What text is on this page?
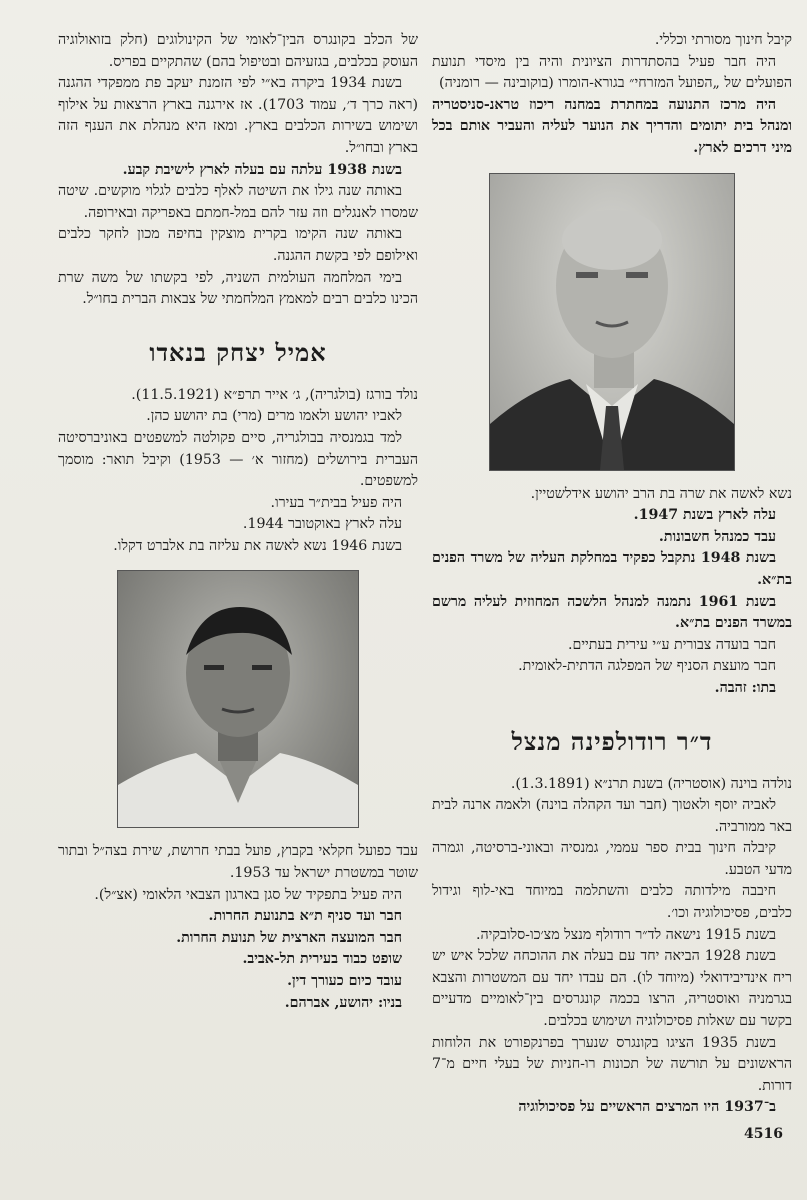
קיבל חינוך מסורתי וכללי.

היה חבר פעיל בהסתדרות הציונית והיה בין מיסדי תנועת הפועלים של „הפועל המזרחי״ בגורא-הומרו (בוקובינה — רומניה)

היה מרכז התנועה במחתרת במחנה ריכוז טראנ-סניסטריה ומנהל בית יתומים והדריך את הנוער לעליה והעביר אותם בכל מיני דרכים לארץ.

נשא לאשה את שרה בת הרב יהושע אידלשטיין.

עלה לארץ בשנת 1947.

עבד כמנהל חשבונות.

בשנת 1948 נתקבל כפקיד במחלקת העליה של משרד הפנים בת״א.

בשנת 1961 נתמנה למנהל הלשכה המחוזית לעליה מרשם במשרד הפנים בת״א.

חבר בועדה צבורית ע״י עירית בעתיים.

חבר מועצת הסניף של המפלגה הדתית-לאומית.

בתו: זהבה.

ד״ר רודולפינה מנצל

נולדה בוינה (אוסטריה) בשנת תרנ״א (1.3.1891).

לאביה יוסף ולאטוך (חבר ועד הקהלה בוינה) ולאמה ארנה לבית באר ממורביה.

קיבלה חינוך בבית ספר עממי, גמנסיה ובאוני-ברסיטה, וגמרה מדעי הטבע.

חיבבה מילדותה כלבים והשתלמה במיוחד באי-לוף וגידול כלבים, פסיכולוגיה וכו׳.

בשנת 1915 נישאה לד״ר רודולף מנצל מצ׳כו-סלובקיה.

בשנת 1928 הביאה יחד עם בעלה את ההוכחה שלכל איש יש ריח אינדיבידואלי (מיוחד לו). הם עבדו יחד עם המשטרות והצבא בגרמניה ואוסטריה, הרצו בכמה קונגרסים בין־לאומיים מדעיים בקשר עם שאלות פסיכולוגיה ושימוש בכלבים.

בשנת 1935 הציגו בקונגרס שנערך בפרנקפורט את הלוחות הראשונים על תורשה של תכונות רו-חניות של בעלי חיים מ־7 דורות.

ב־1937 היו המרצים הראשיים על פסיכולוגיה

של הכלב בקונגרס הבין־לאומי של הקינולוגים (חלק בזואולוגיה העוסק בכלבים, בגזעיהם ובטיפול בהם) שהתקיים בפריס.

בשנת 1934 ביקרה בא״י לפי הזמנת יעקב פת ממפקדי ההגנה (ראה כרך ד׳, עמוד 1703). אז אירגנה בארץ הרצאות על אילוף ושימוש בשירות הכלבים בארץ. ומאז היא מנהלת את הענף הזה בארץ ובחו״ל.

בשנת 1938 עלתה עם בעלה לארץ לישיבת קבע.

באותה שנה גילו את השיטה לאלף כלבים לגלוי מוקשים. שיטה שמסרו לאנגלים וזה עזר להם במל-חמתם באפריקה ובאירופה.

באותה שנה הקימו בקרית מוצקין בחיפה מכון לחקר כלבים ואילופם לפי בקשת ההגנה.

בימי המלחמה העולמית השניה, לפי בקשתו של משה שרת הכינו כלבים רבים למאמץ המלחמתי של צבאות הברית בחו״ל.

אמיל יצחק בנאדו

נולד בורגז (בולגריה), ג׳ אייר תרפ״א (11.5.1921).

לאביו יהושע ולאמו מרים (מרי) בת יהושע כהן.

למד בגמנסיה בבולגריה, סיים פקולטה למשפטים באוניברסיטה העברית בירושלים (מחזור א׳ — 1953) וקיבל תואר: מוסמך למשפטים.

היה פעיל בבית״ר בעירו.

עלה לארץ באוקטובר 1944.

בשנת 1946 נשא לאשה את עליזה בת אלברט דקלו.

עבד כפועל חקלאי בקבוץ, פועל בבתי חרושת, שירת בצה״ל ובתור שוטר במשטרת ישראל עד 1953.

היה פעיל בתפקיד של סגן בארגון הצבאי הלאומי (אצ״ל).

חבר ועד סניף ת״א בתנועת החרות.

חבר המועצה הארצית של תנועת החרות.

שופט כבוד בעירית תל-אביב.

עובד כיום כעורך דין.

בניו: יהושע, אברהם.

4516
